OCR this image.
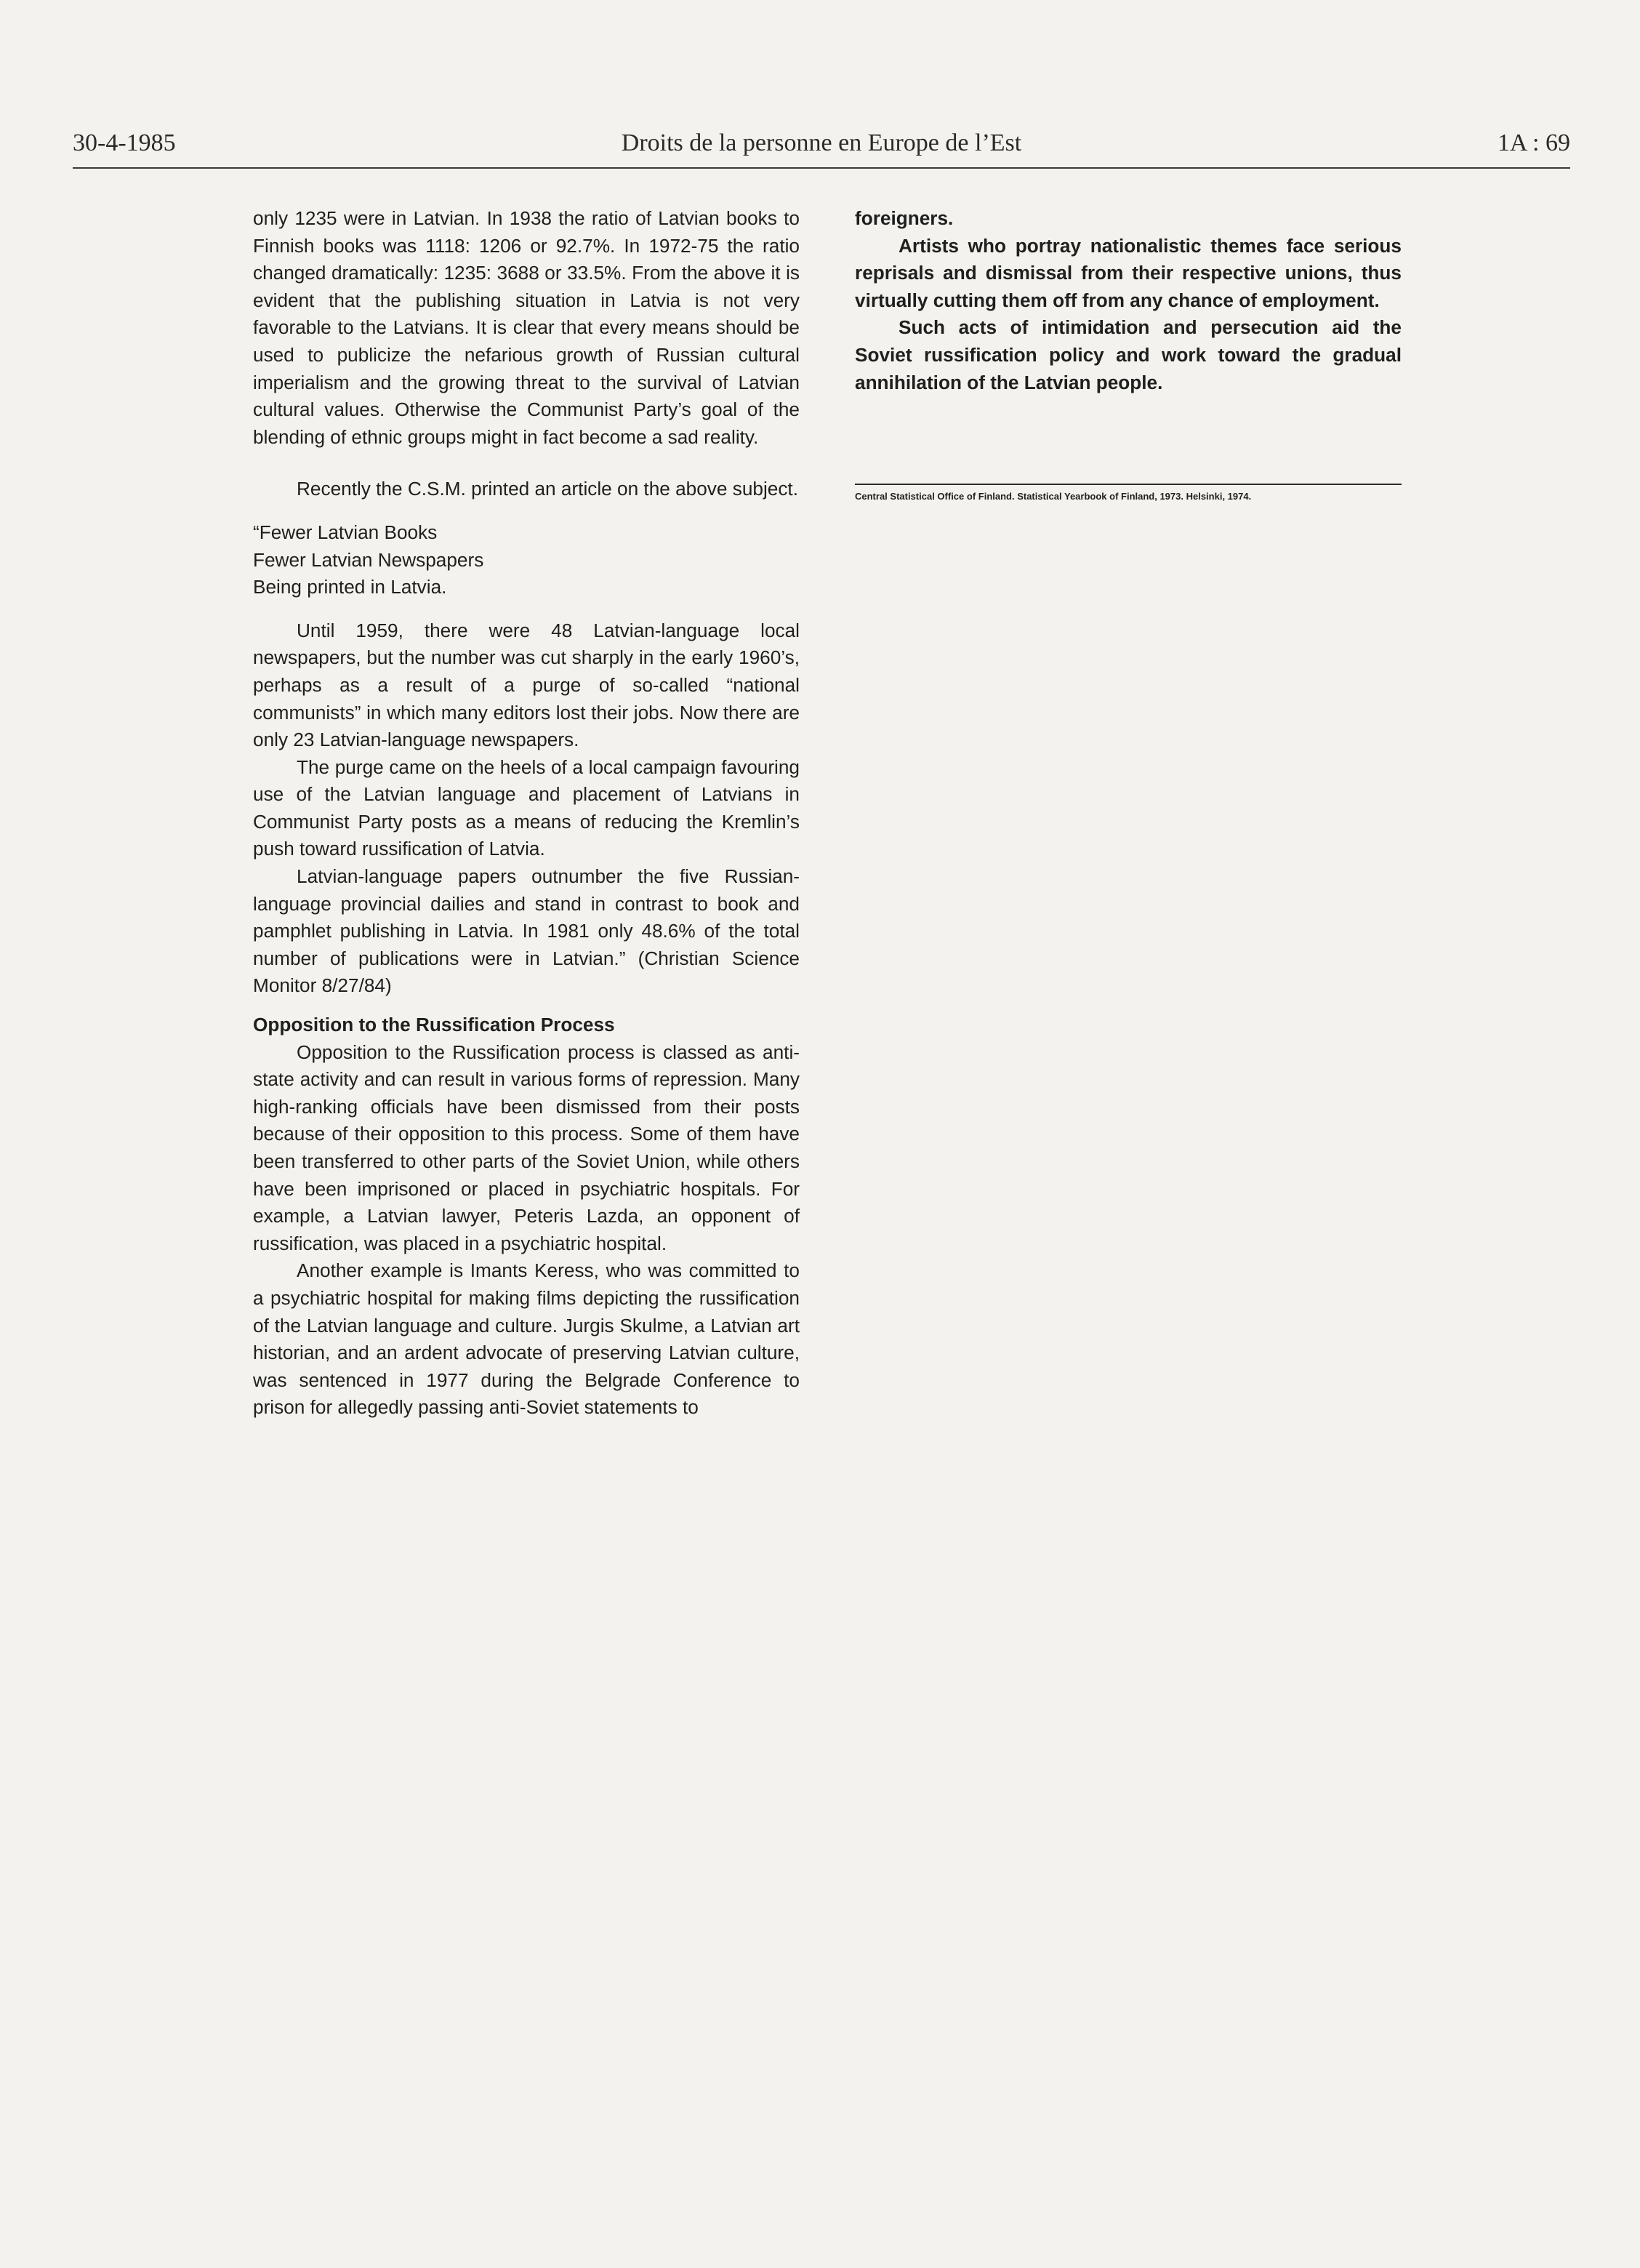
30-4-1985	Droits de la personne en Europe de l’Est	1A : 69

only 1235 were in Latvian. In 1938 the ratio of Latvian books to Finnish books was 1118: 1206 or 92.7%. In 1972-75 the ratio changed dramatically: 1235: 3688 or 33.5%. From the above it is evident that the publishing situation in Latvia is not very favorable to the Latvians. It is clear that every means should be used to publicize the nefarious growth of Russian cultural imperialism and the growing threat to the survival of Latvian cultural values. Otherwise the Communist Party’s goal of the blending of ethnic groups might in fact become a sad reality.

Recently the C.S.M. printed an article on the above subject.

“Fewer Latvian Books

Fewer Latvian Newspapers

Being printed in Latvia.

Until 1959, there were 48 Latvian-language local newspapers, but the number was cut sharply in the early 1960’s, perhaps as a result of a purge of so-called “national communists” in which many editors lost their jobs. Now there are only 23 Latvian-language newspapers.

The purge came on the heels of a local campaign favouring use of the Latvian language and placement of Latvians in Communist Party posts as a means of reducing the Kremlin’s push toward russification of Latvia.

Latvian-language papers outnumber the five Russian-language provincial dailies and stand in contrast to book and pamphlet publishing in Latvia. In 1981 only 48.6% of the total number of publications were in Latvian.” (Christian Science Monitor 8/27/84)

Opposition to the Russification Process

Opposition to the Russification process is classed as anti-state activity and can result in various forms of repression. Many high-ranking officials have been dismissed from their posts because of their opposition to this process. Some of them have been transferred to other parts of the Soviet Union, while others have been imprisoned or placed in psychiatric hospitals. For example, a Latvian lawyer, Peteris Lazda, an opponent of russification, was placed in a psychiatric hospital.

Another example is Imants Keress, who was committed to a psychiatric hospital for making films depicting the russification of the Latvian language and culture. Jurgis Skulme, a Latvian art historian, and an ardent advocate of preserving Latvian culture, was sentenced in 1977 during the Belgrade Conference to prison for allegedly passing anti-Soviet statements to

foreigners.

Artists who portray nationalistic themes face serious reprisals and dismissal from their respective unions, thus virtually cutting them off from any chance of employment.

Such acts of intimidation and persecution aid the Soviet russification policy and work toward the gradual annihilation of the Latvian people.

Central Statistical Office of Finland. Statistical Yearbook of Finland, 1973. Helsinki, 1974.
